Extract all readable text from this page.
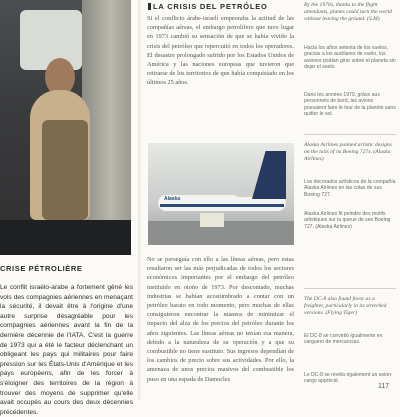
LA CRISIS DEL PETRÓLEO

Si el conflicto árabe-israelí empeoraba la actitud de las compañías aéreas, el embargo petrolífero que tuvo lugar en 1973 cambió su sensación de que se había vivido la crisis del petróleo que repercutió en todos los operadores. El desastre prolongado sufrido por los Estados Unidos de América y las naciones europeas que tuvieron que retirarse de los territorios de que había conquistado en los últimos 25 años.

Alaska

No se perseguía con ello a las líneas aéreas, pero estas resultaron ser las más perjudicadas de todos los sectores económicos importantes por el embargo del petróleo instituido en otoño de 1973. Por descontado, muchas industrias se habían acostumbrado a contar con un petróleo barato en todo momento, pero muchas de ellas consiguieron encontrar la manera de minimizar el impacto del alza de los precios del petróleo durante los años siguientes. Las líneas aéreas no tenían esa manera, debido a la naturaleza de su operación y a que su combustible no tiene sustituto. Sus ingresos dependían de los cambios de precio sobre sus actividades. Por ello, la amenaza de unos precios masivos del combustible los puso en una espada de Damocles

CRISE PÉTROLIÈRE

Le conflit israélo-arabe a fortement gêné les vols des compagnies aériennes en menaçant la sécurité, il devait être à l'origine d'une autre surprise désagréable pour les compagnies aériennes avant la fin de la dernière décennie de l'IATA. C'est la guerre de 1973 qui a été le facteur déclenchant un obligeant les pays qui militaires pour faire pression sur les États-Unis d'Amérique et les pays européens, afin de les forcer à s'éloigner des territoires de la région à trouver des moyens de supprimer qu'elle avait occupés au cours des deux décennies précédentes.

By the 1970s, thanks to the flight attendants, planes could turn the world without leaving the ground. (S.M)

Hacia los años setenta de los vuelos, gracias a los auxiliares de vuelo, los aviones podían girar sobre el planeta sin dejar el suelo.

Dans les années 1970, grâce aux personnels de bord, les avions pouvaient faire le tour de la planète sans quitter le sol.

Alaska Airlines painted artistic designs on the tails of its Boeing 727s. (Alaska Airlines)

Los decorados artísticos de la compañía Alaska Airlines en las colas de sus Boeing 727.

Alaska Airlines fit peindre des motifs artistiques sur la queue de ses Boeing 727. (Alaska Airlines)

The DC-8 also found favor as a freighter, particularly in its stretched versions. (Flying Tiger)

El DC-8 se convirtió igualmente en carguero de mercancías.

Le DC-8 se révéla également un avion-cargo apprécié.

117
